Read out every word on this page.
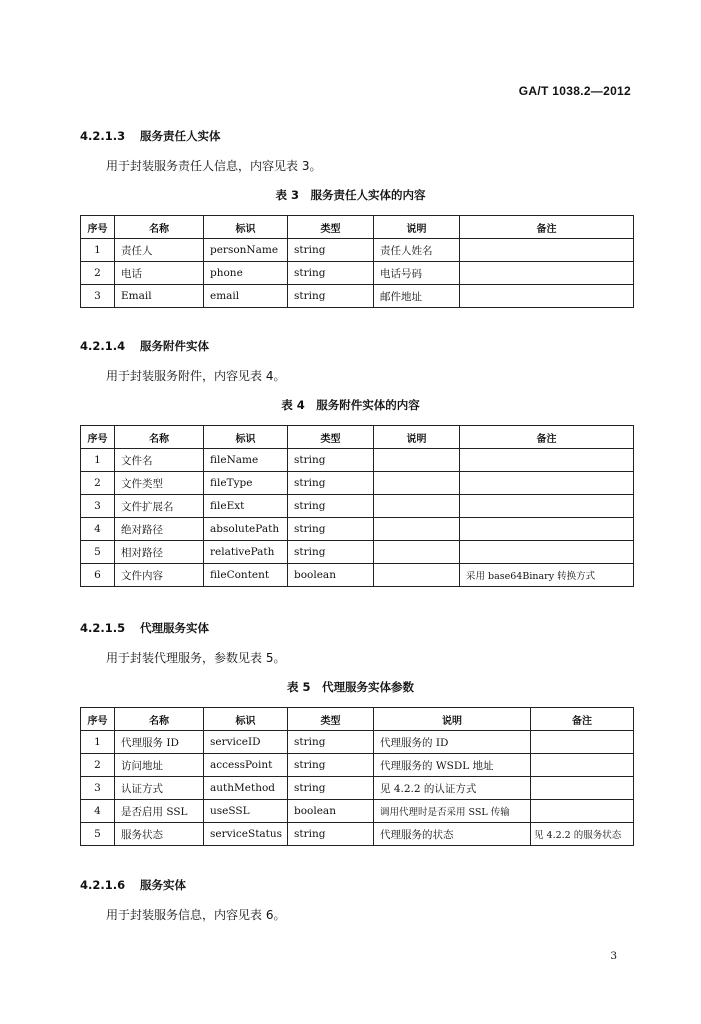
GA/T 1038.2—2012
4.2.1.3 服务责任人实体
用于封装服务责任人信息，内容见表 3。
表 3　服务责任人实体的内容
序号	名称	标识	类型	说明	备注
1	责任人	personName	string	责任人姓名	
2	电话	phone	string	电话号码	
3	Email	email	string	邮件地址	
4.2.1.4 服务附件实体
用于封装服务附件，内容见表 4。
表 4　服务附件实体的内容
序号	名称	标识	类型	说明	备注
1	文件名	fileName	string		
2	文件类型	fileType	string		
3	文件扩展名	fileExt	string		
4	绝对路径	absolutePath	string		
5	相对路径	relativePath	string		
6	文件内容	fileContent	boolean		采用 base64Binary 转换方式
4.2.1.5 代理服务实体
用于封装代理服务，参数见表 5。
表 5　代理服务实体参数
序号	名称	标识	类型	说明	备注
1	代理服务 ID	serviceID	string	代理服务的 ID	
2	访问地址	accessPoint	string	代理服务的 WSDL 地址	
3	认证方式	authMethod	string	见 4.2.2 的认证方式	
4	是否启用 SSL	useSSL	boolean	调用代理时是否采用 SSL 传输	
5	服务状态	serviceStatus	string	代理服务的状态	见 4.2.2 的服务状态
4.2.1.6 服务实体
用于封装服务信息，内容见表 6。
3
